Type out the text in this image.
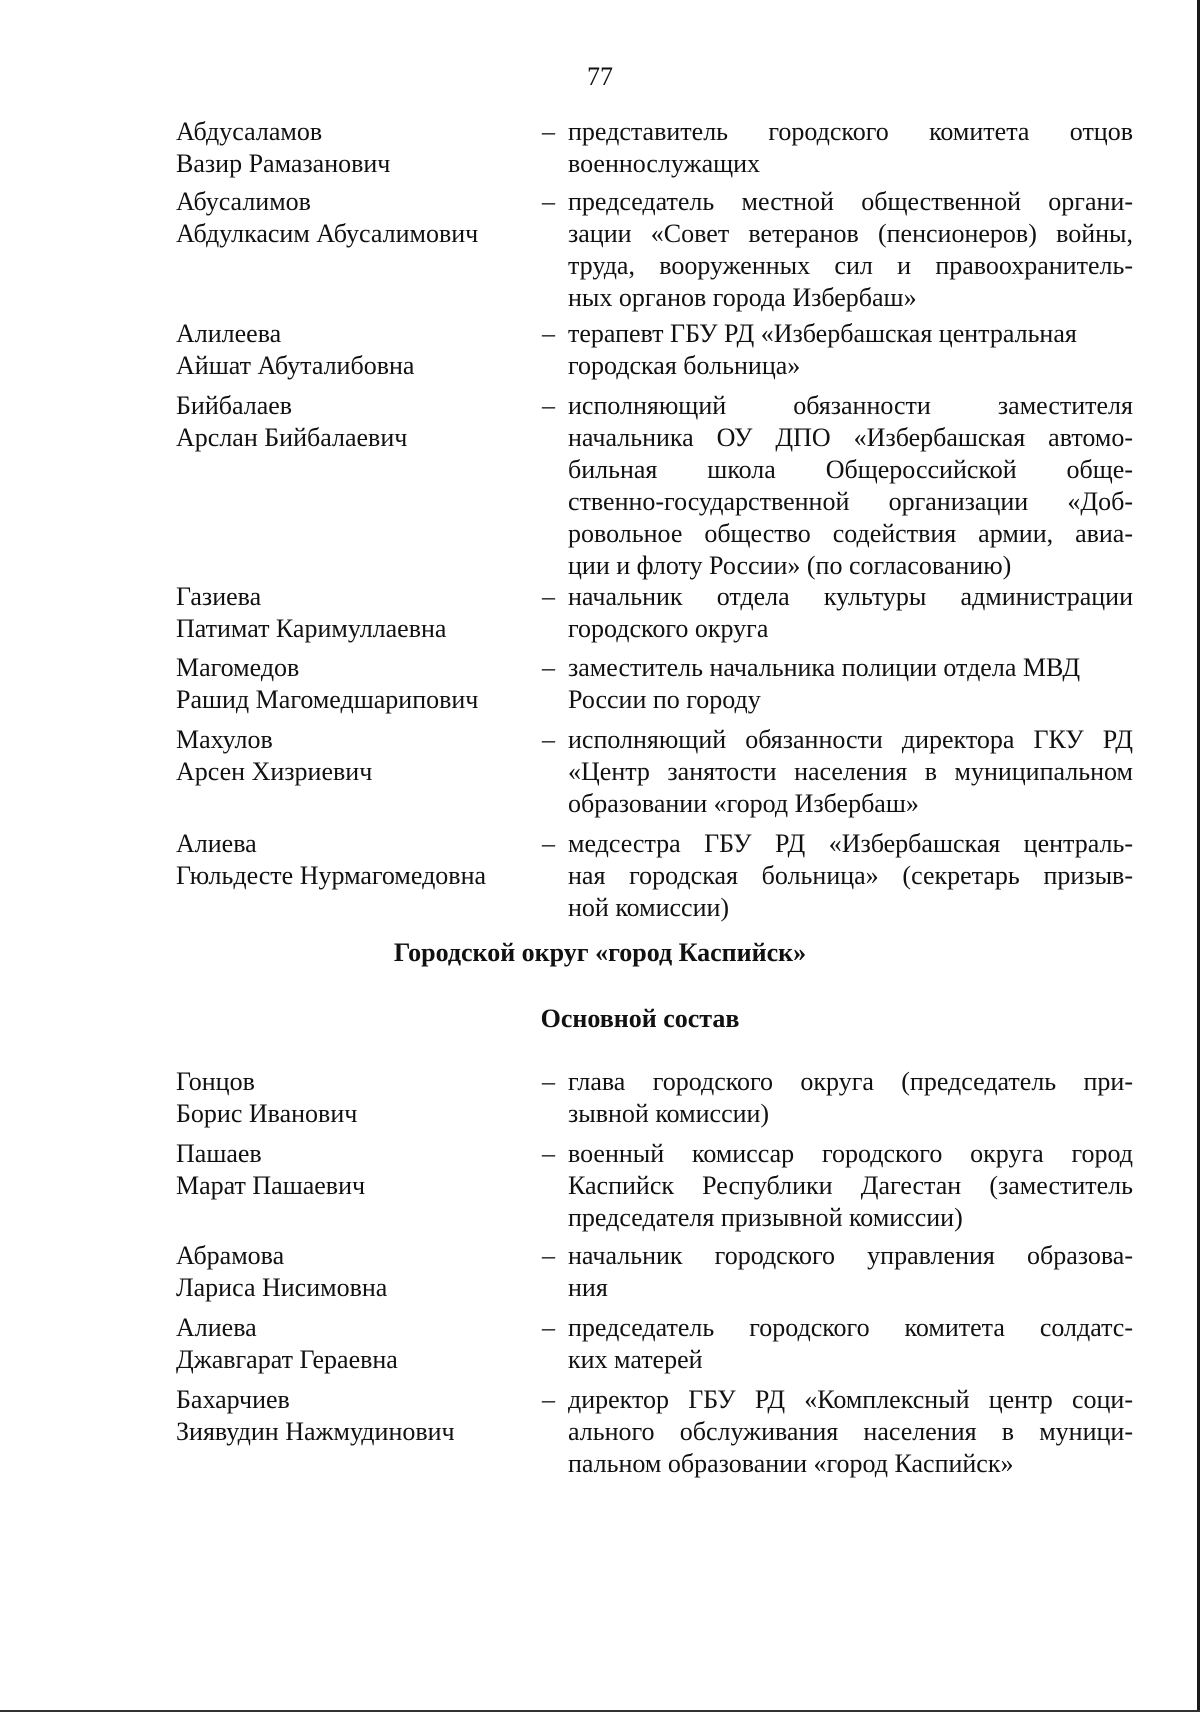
77
Абдусаламов
Вазир Рамазанович
– представитель городского комитета отцов
военнослужащих
Абусалимов
Абдулкасим Абусалимович
– председатель местной общественной органи-
зации «Совет ветеранов (пенсионеров) войны,
труда, вооруженных сил и правоохранитель-
ных органов города Избербаш»
Алилеева
Айшат Абуталибовна
– терапевт ГБУ РД «Избербашская центральная
городская больница»
Бийбалаев
Арслан Бийбалаевич
– исполняющий обязанности заместителя
начальника ОУ ДПО «Избербашская автомо-
бильная школа Общероссийской обще-
ственно-государственной организации «Доб-
ровольное общество содействия армии, авиа-
ции и флоту России» (по согласованию)
Газиева
Патимат Каримуллаевна
– начальник отдела культуры администрации
городского округа
Магомедов
Рашид Магомедшарипович
– заместитель начальника полиции отдела МВД
России по городу
Махулов
Арсен Хизриевич
– исполняющий обязанности директора ГКУ РД
«Центр занятости населения в муниципальном
образовании «город Избербаш»
Алиева
Гюльдесте Нурмагомедовна
– медсестра ГБУ РД «Избербашская централь-
ная городская больница» (секретарь призыв-
ной комиссии)
Городской округ «город Каспийск»
Основной состав
Гонцов
Борис Иванович
– глава городского округа (председатель при-
зывной комиссии)
Пашаев
Марат Пашаевич
– военный комиссар городского округа город
Каспийск Республики Дагестан (заместитель
председателя призывной комиссии)
Абрамова
Лариса Нисимовна
– начальник городского управления образова-
ния
Алиева
Джавгарат Гераевна
– председатель городского комитета солдатс-
ких матерей
Бахарчиев
Зиявудин Нажмудинович
– директор ГБУ РД «Комплексный центр соци-
ального обслуживания населения в муници-
пальном образовании «город Каспийск»
